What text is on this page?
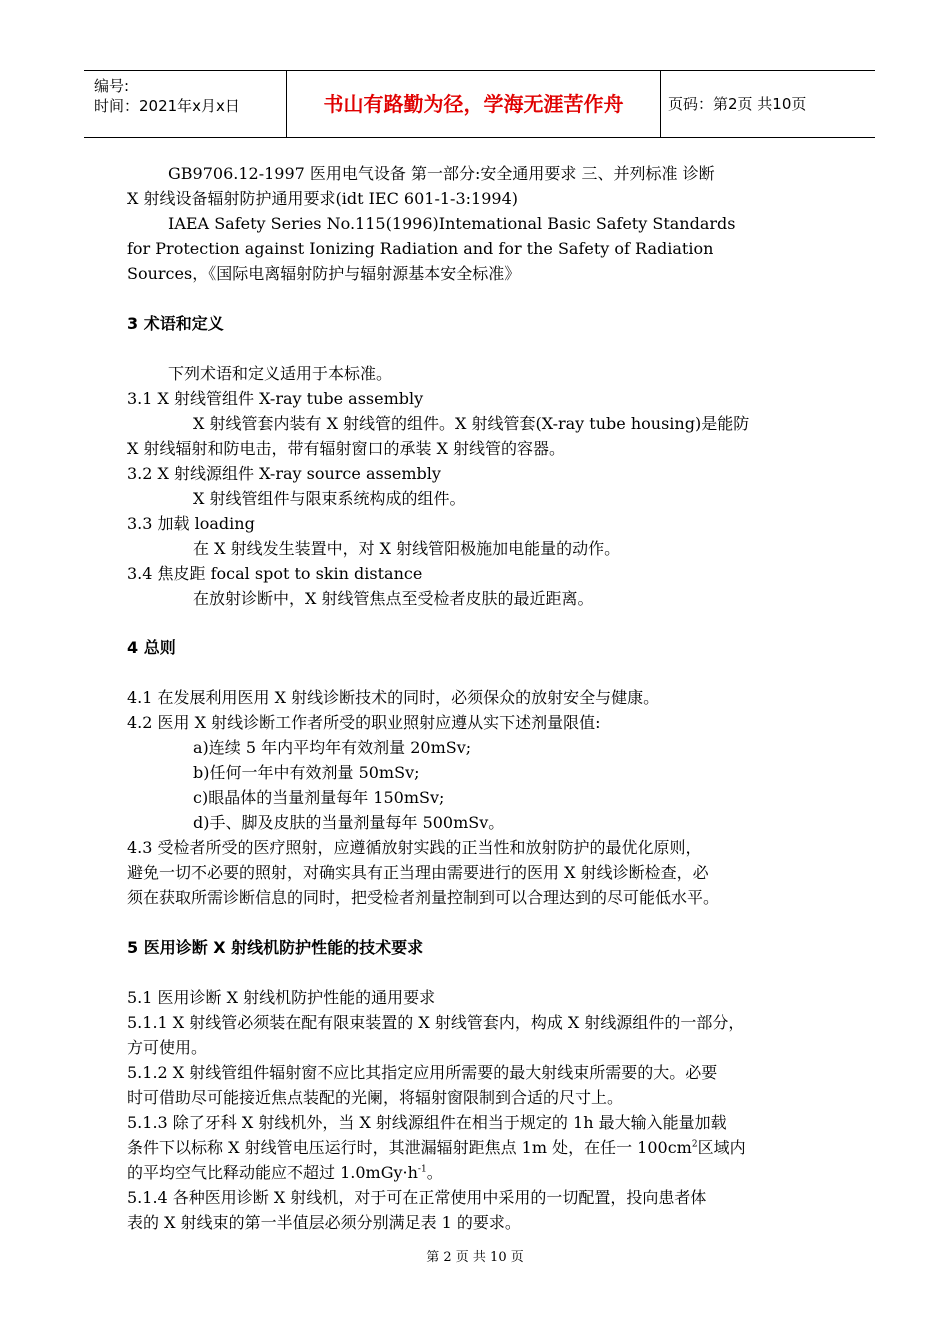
编号:
时间：2021年x月x日	书山有路勤为径，学海无涯苦作舟	页码：第2页 共10页
GB9706.12-1997 医用电气设备 第一部分:安全通用要求 三、并列标准 诊断
X 射线设备辐射防护通用要求(idt IEC 601-1-3:1994)
IAEA Safety Series No.115(1996)Intemational Basic Safety Standards
for Protection against Ionizing Radiation and for the Safety of Radiation
Sources，《国际电离辐射防护与辐射源基本安全标准》
3 术语和定义
下列术语和定义适用于本标准。
3.1 X 射线管组件 X-ray tube assembly
X 射线管套内装有 X 射线管的组件。X 射线管套(X-ray tube housing)是能防
X 射线辐射和防电击，带有辐射窗口的承装 X 射线管的容器。
3.2 X 射线源组件 X-ray source assembly
X 射线管组件与限束系统构成的组件。
3.3 加载 loading
在 X 射线发生装置中，对 X 射线管阳极施加电能量的动作。
3.4 焦皮距 focal spot to skin distance
在放射诊断中，X 射线管焦点至受检者皮肤的最近距离。
4 总则
4.1 在发展利用医用 X 射线诊断技术的同时，必须保众的放射安全与健康。
4.2 医用 X 射线诊断工作者所受的职业照射应遵从实下述剂量限值:
a)连续 5 年内平均年有效剂量 20mSv;
b)任何一年中有效剂量 50mSv;
c)眼晶体的当量剂量每年 150mSv;
d)手、脚及皮肤的当量剂量每年 500mSv。
4.3 受检者所受的医疗照射，应遵循放射实践的正当性和放射防护的最优化原则，
避免一切不必要的照射，对确实具有正当理由需要进行的医用 X 射线诊断检查，必
须在获取所需诊断信息的同时，把受检者剂量控制到可以合理达到的尽可能低水平。
5 医用诊断 X 射线机防护性能的技术要求
5.1 医用诊断 X 射线机防护性能的通用要求
5.1.1 X 射线管必须装在配有限束装置的 X 射线管套内，构成 X 射线源组件的一部分，
方可使用。
5.1.2 X 射线管组件辐射窗不应比其指定应用所需要的最大射线束所需要的大。必要
时可借助尽可能接近焦点装配的光阑，将辐射窗限制到合适的尺寸上。
5.1.3 除了牙科 X 射线机外，当 X 射线源组件在相当于规定的 1h 最大输入能量加载
条件下以标称 X 射线管电压运行时，其泄漏辐射距焦点 1m 处，在任一 $100cm^2$区域内
的平均空气比释动能应不超过 $1.0mGy\cdot h^{-1}$。
5.1.4 各种医用诊断 X 射线机，对于可在正常使用中采用的一切配置，投向患者体
表的 X 射线束的第一半值层必须分别满足表 1 的要求。
第 2 页 共 10 页
